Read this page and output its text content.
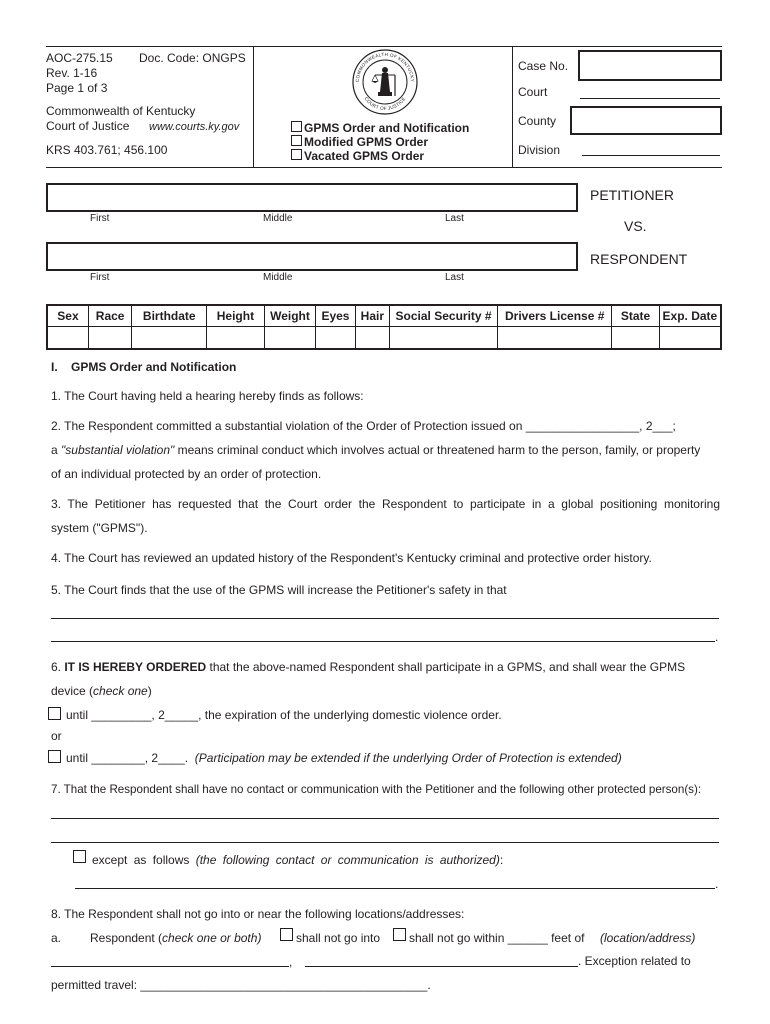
AOC-275.15 Doc. Code: ONGPS
Rev. 1-16
Page 1 of 3
Commonwealth of Kentucky
Court of Justice www.courts.ky.gov
KRS 403.761; 456.100
COMMONWEALTH OF KENTUCKY
COURT OF JUSTICE
GPMS Order and Notification
Modified GPMS Order
Vacated GPMS Order
Case No.
Court
County
Division
First	Middle	Last
PETITIONER
VS.
First	Middle	Last
RESPONDENT
Sex	Race	Birthdate	Height	Weight	Eyes	Hair	Social Security #	Drivers License #	State	Exp. Date

I.    GPMS Order and Notification
1. The Court having held a hearing hereby finds as follows:
2. The Respondent committed a substantial violation of the Order of Protection issued on _________________, 2___;
a "substantial violation" means criminal conduct which involves actual or threatened harm to the person, family, or property
of an individual protected by an order of protection.
3. The Petitioner has requested that the Court order the Respondent to participate in a global positioning monitoring
system ("GPMS").
4. The Court has reviewed an updated history of the Respondent's Kentucky criminal and protective order history.
5. The Court finds that the use of the GPMS will increase the Petitioner's safety in that
.
6. IT IS HEREBY ORDERED that the above-named Respondent shall participate in a GPMS, and shall wear the GPMS
device (check one)
until _________, 2_____, the expiration of the underlying domestic violence order.
or
until ________, 2____.  (Participation may be extended if the underlying Order of Protection is extended)
7. That the Respondent shall have no contact or communication with the Petitioner and the following other protected person(s):
except as follows (the following contact or communication is authorized):
.
8. The Respondent shall not go into or near the following locations/addresses:
a. Respondent (check one or both)	shall not go into shall not go within ______ feet of (location/address)
,	. Exception related to
permitted travel: ___________________________________________.
